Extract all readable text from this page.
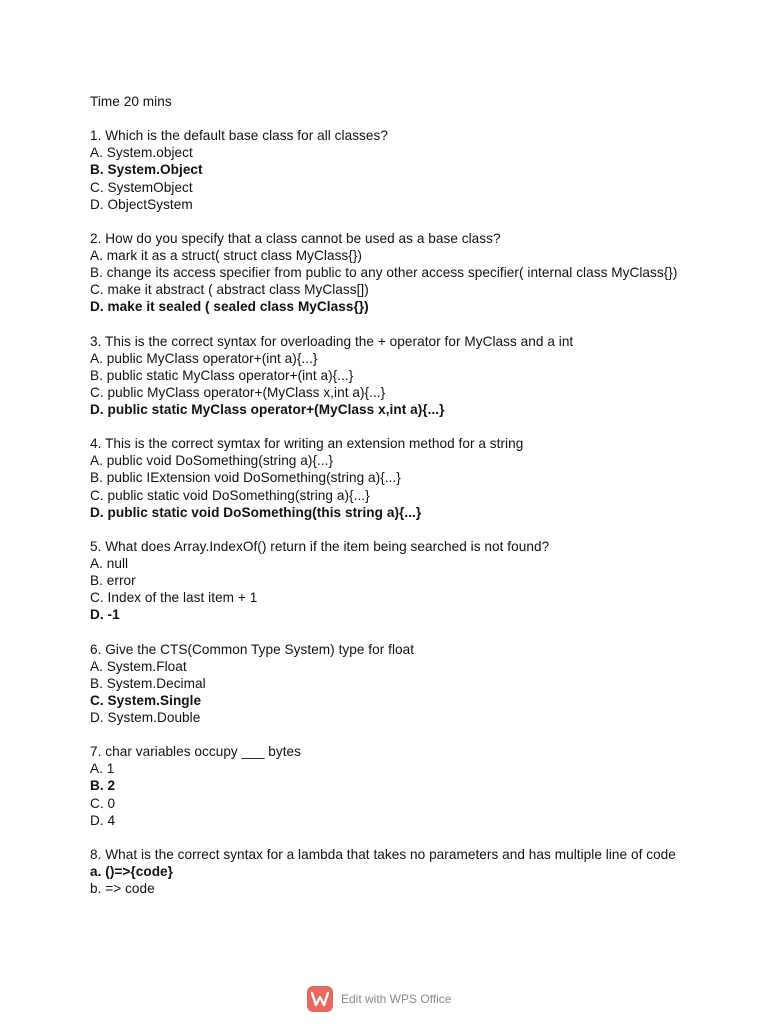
Time 20 mins
1. Which is the default base class for all classes?
A. System.object
B. System.Object
C. SystemObject
D. ObjectSystem
2. How do you specify that a class cannot be used as a base class?
A. mark it as a struct( struct class MyClass{})
B. change its access specifier from public to any other access specifier( internal class MyClass{})
C. make it abstract ( abstract class MyClass[])
D. make it sealed ( sealed class MyClass{})
3. This is the correct syntax for overloading the + operator for MyClass and a int
A. public MyClass operator+(int a){...}
B. public static MyClass operator+(int a){...}
C. public MyClass operator+(MyClass x,int a){...}
D. public static MyClass operator+(MyClass x,int a){...}
4. This is the correct symtax for writing an extension method for a string
A. public void DoSomething(string a){...}
B. public IExtension void DoSomething(string a){...}
C. public static void DoSomething(string a){...}
D. public static void DoSomething(this string a){...}
5. What does Array.IndexOf() return if the item being searched is not found?
A. null
B. error
C. Index of the last item + 1
D. -1
6. Give the CTS(Common Type System) type for float
A. System.Float
B. System.Decimal
C. System.Single
D. System.Double
7. char variables occupy ___ bytes
A. 1
B. 2
C. 0
D. 4
8. What is the correct syntax for a lambda that takes no parameters and has multiple line of code
a. ()=>{code}
b. => code
Edit with WPS Office
